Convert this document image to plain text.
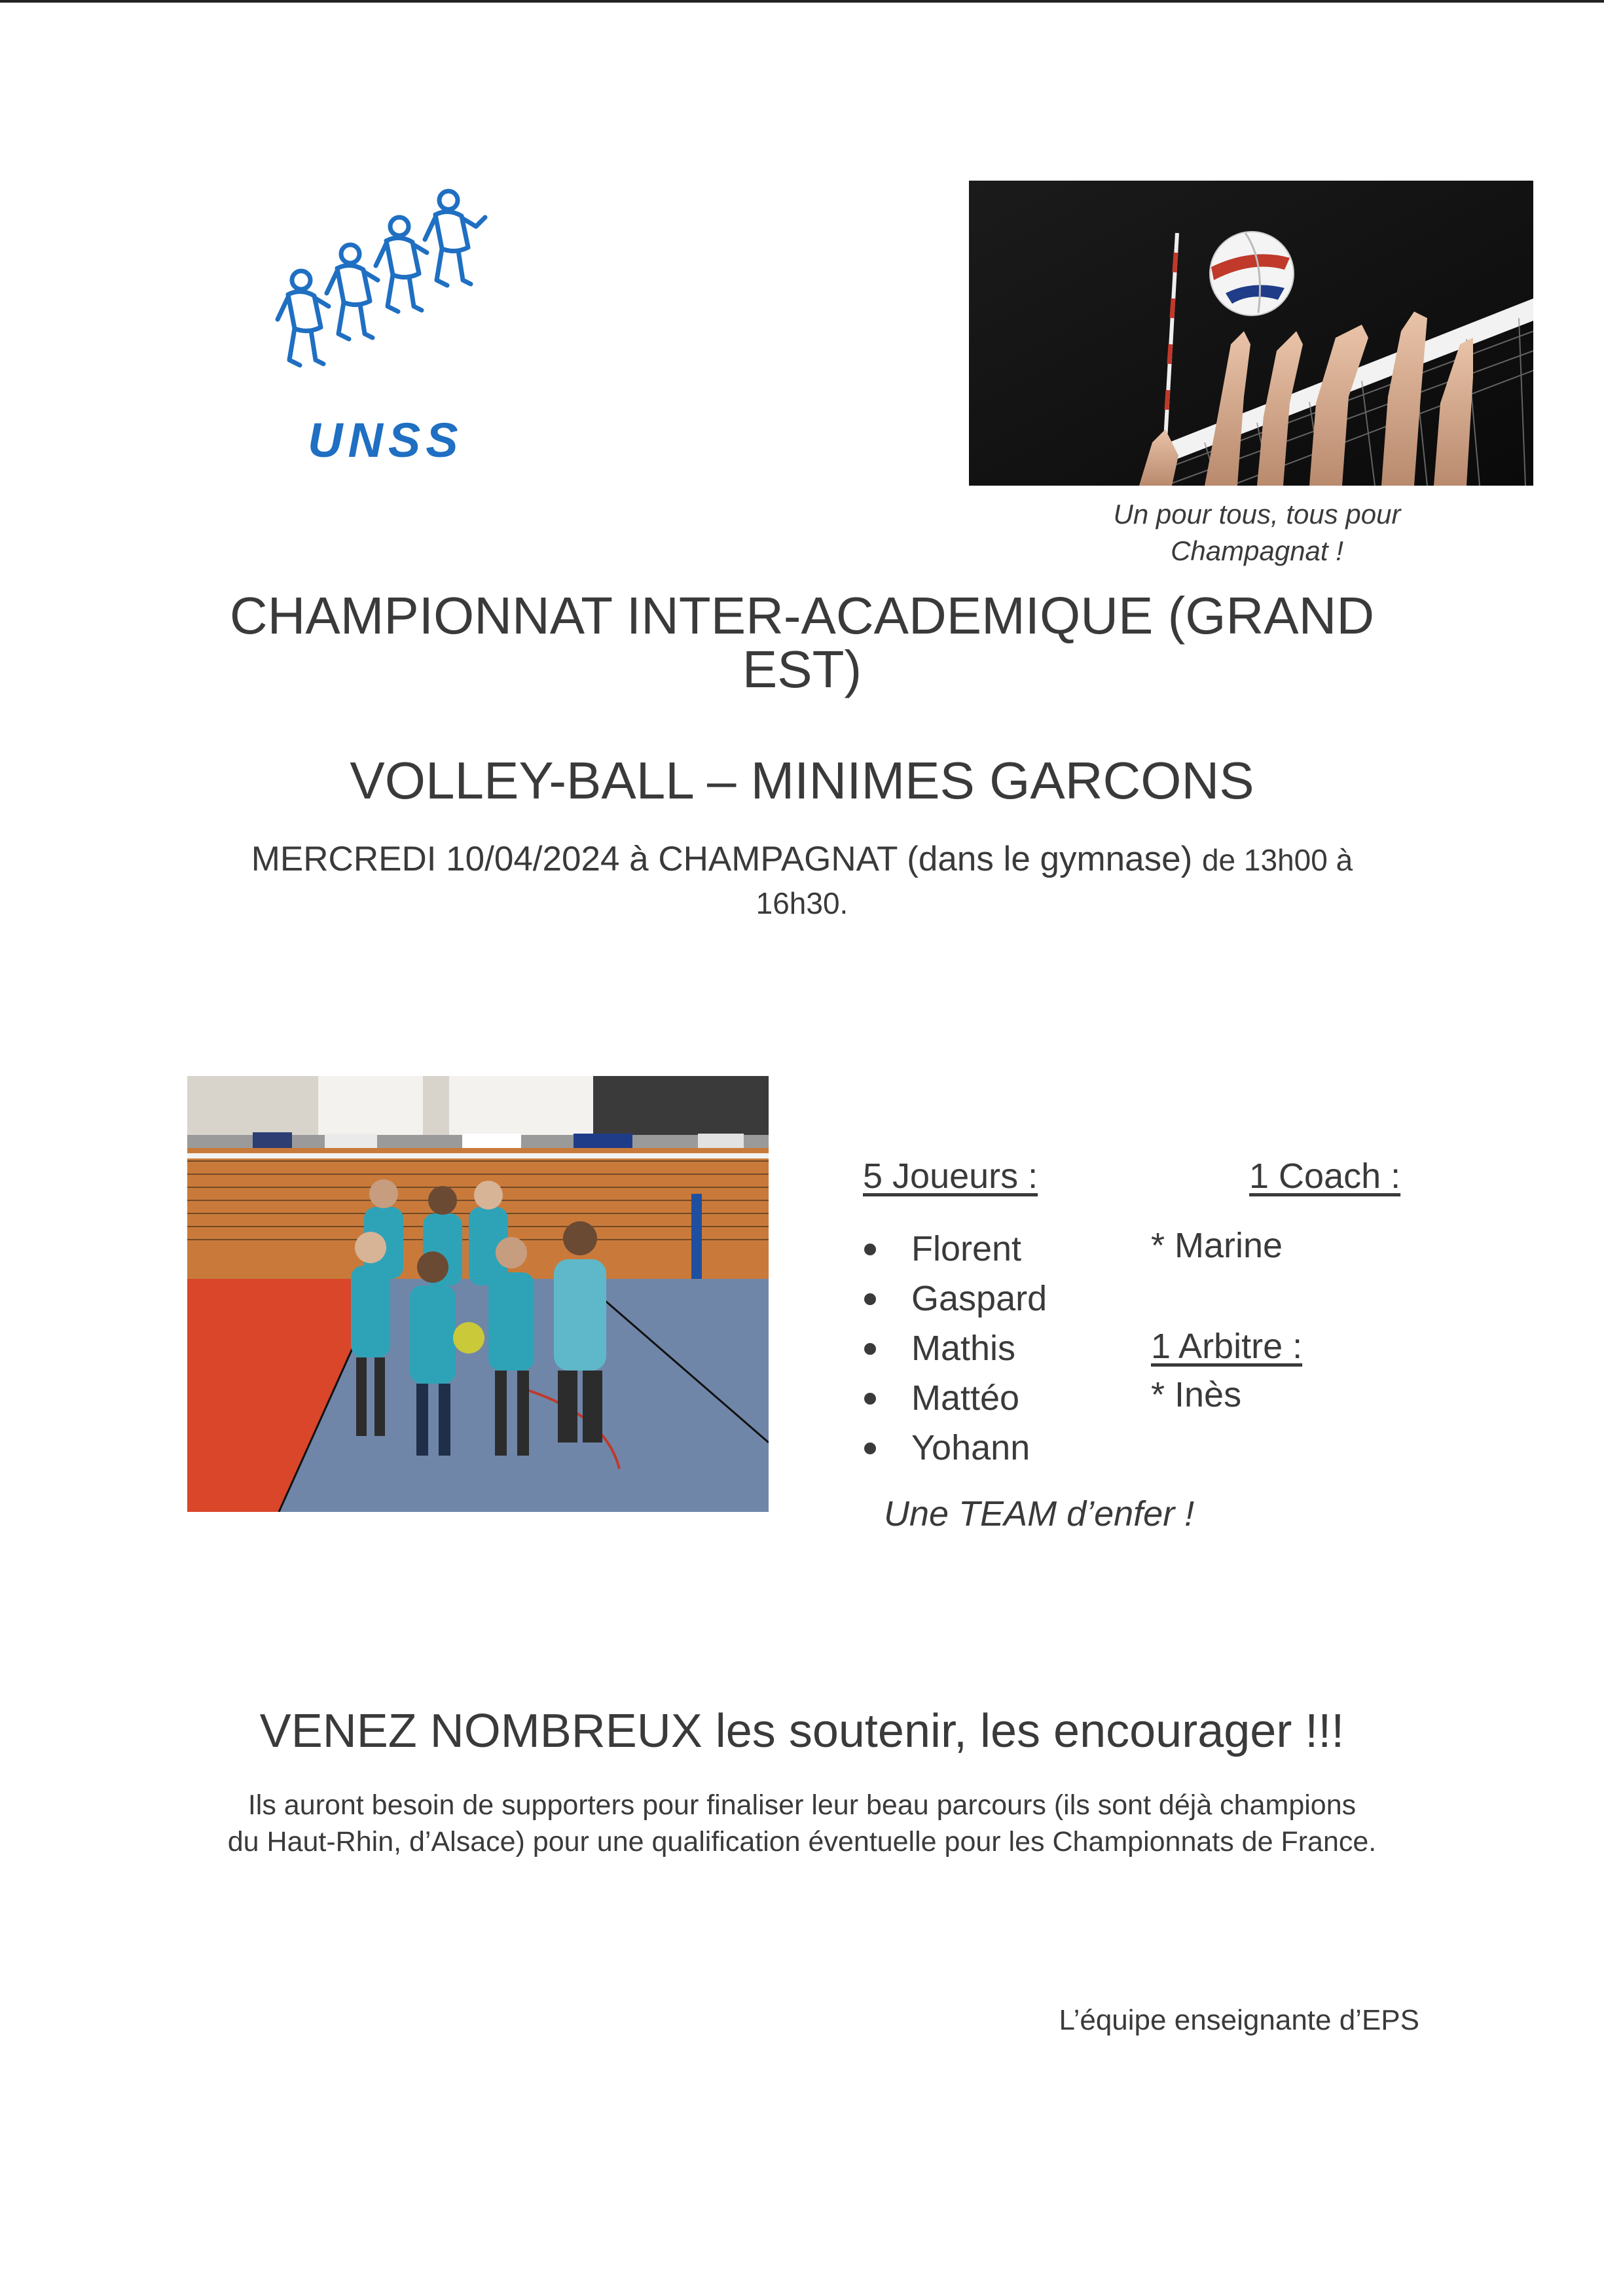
UNSS
Un pour tous, tous pour
Champagnat !
CHAMPIONNAT INTER-ACADEMIQUE (GRAND
EST)
VOLLEY-BALL – MINIMES GARCONS
MERCREDI 10/04/2024 à CHAMPAGNAT (dans le gymnase) de 13h00 à
16h30.
5 Joueurs :	1 Coach :
Florent
Gaspard
Mathis
Mattéo
Yohann
* Marine
1 Arbitre :
* Inès
Une TEAM d’enfer !
VENEZ NOMBREUX les soutenir, les encourager !!!
Ils auront besoin de supporters pour finaliser leur beau parcours (ils sont déjà champions
du Haut-Rhin, d’Alsace) pour une qualification éventuelle pour les Championnats de France.
L’équipe enseignante d’EPS
